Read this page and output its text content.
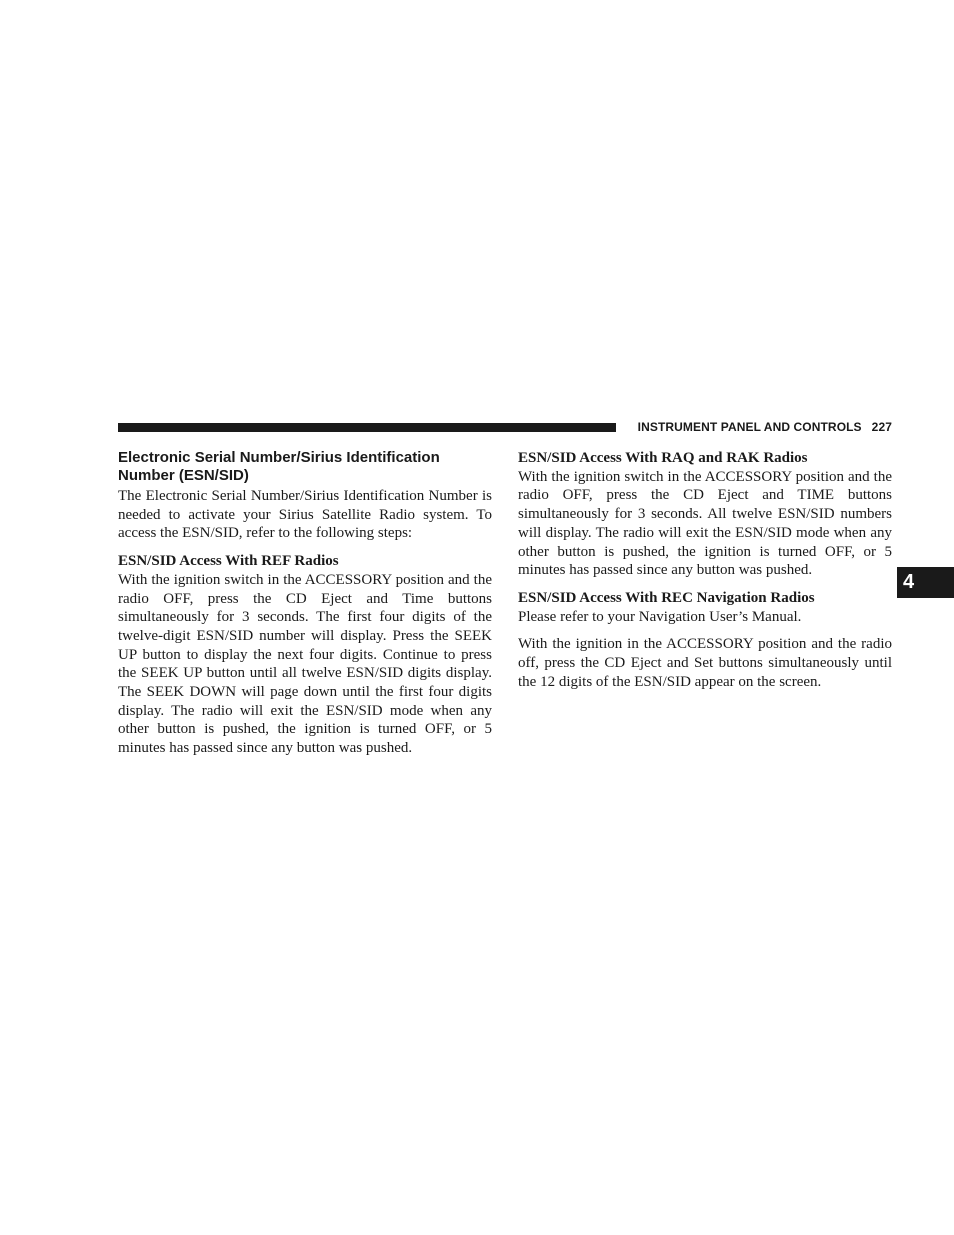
INSTRUMENT PANEL AND CONTROLS 227
4
Electronic Serial Number/Sirius Identification Number (ESN/SID)

The Electronic Serial Number/Sirius Identification Number is needed to activate your Sirius Satellite Radio system. To access the ESN/SID, refer to the following steps:

ESN/SID Access With REF Radios

With the ignition switch in the ACCESSORY position and the radio OFF, press the CD Eject and Time buttons simultaneously for 3 seconds. The first four digits of the twelve-digit ESN/SID number will display. Press the SEEK UP button to display the next four digits. Continue to press the SEEK UP button until all twelve ESN/SID digits display. The SEEK DOWN will page down until the first four digits display. The radio will exit the ESN/SID mode when any other button is pushed, the ignition is turned OFF, or 5 minutes has passed since any button was pushed.

ESN/SID Access With RAQ and RAK Radios

With the ignition switch in the ACCESSORY position and the radio OFF, press the CD Eject and TIME buttons simultaneously for 3 seconds. All twelve ESN/SID numbers will display. The radio will exit the ESN/SID mode when any other button is pushed, the ignition is turned OFF, or 5 minutes has passed since any button was pushed.

ESN/SID Access With REC Navigation Radios

Please refer to your Navigation User’s Manual.

With the ignition in the ACCESSORY position and the radio off, press the CD Eject and Set buttons simultaneously until the 12 digits of the ESN/SID appear on the screen.
